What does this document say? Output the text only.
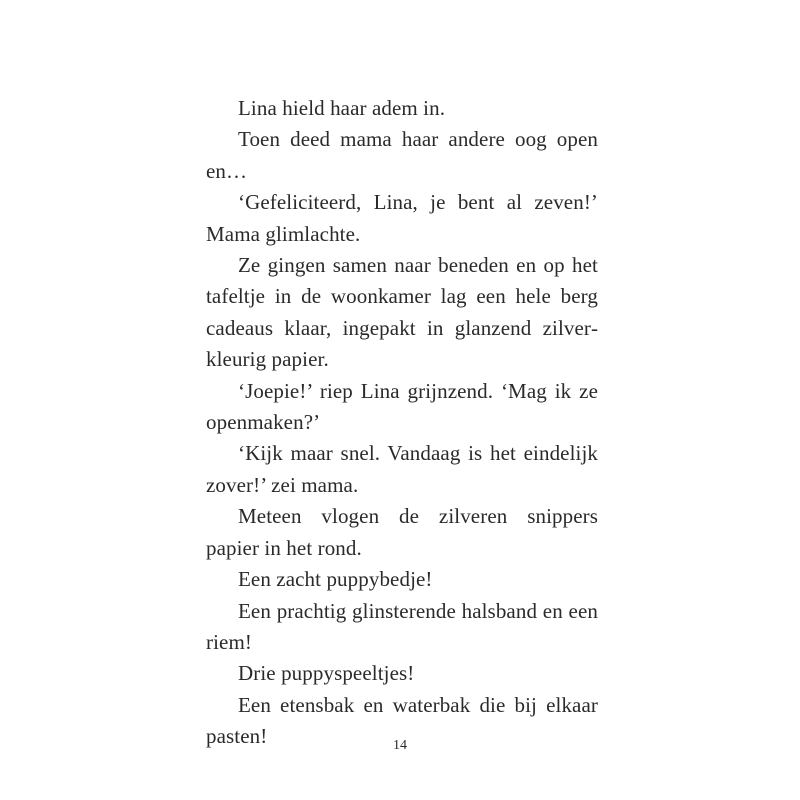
Lina hield haar adem in.

Toen deed mama haar andere oog open en…

‘Gefeliciteerd, Lina, je bent al zeven!’ Mama glimlachte.

Ze gingen samen naar beneden en op het tafeltje in de woonkamer lag een hele berg cadeaus klaar, ingepakt in glanzend zilverkleurig papier.

‘Joepie!’ riep Lina grijnzend. ‘Mag ik ze openmaken?’

‘Kijk maar snel. Vandaag is het eindelijk zover!’ zei mama.

Meteen vlogen de zilveren snippers papier in het rond.

Een zacht puppybedje!

Een prachtig glinsterende halsband en een riem!

Drie puppyspeeltjes!

Een etensbak en waterbak die bij elkaar pasten!	14
